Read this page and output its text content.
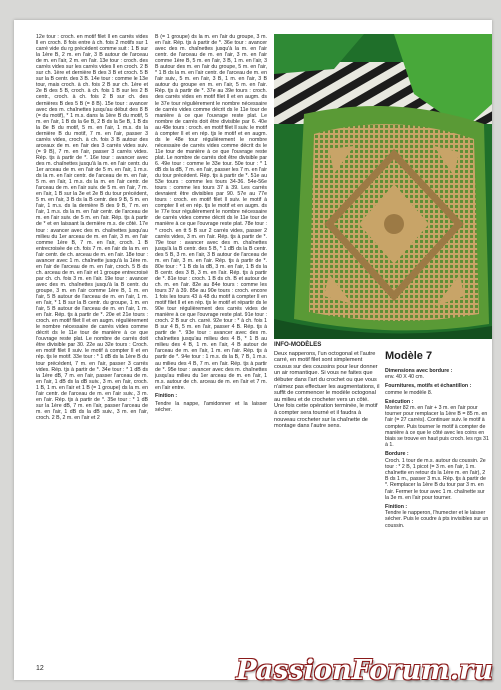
12e tour : croch. en motif filet ll en carrés vides ll en croch. 8 fois entre à ch. fois 2 motifs sur 1 carré vide du rg précédent comme suit : 1 B sur la 1ère B, 2 m. en l'air, 3 B autour de l'arceau de m. en l'air, 2 m. en l'air. 13e tour : croch. des carrés vides sur les carrés vides ll en croch. 2 B sur ch. 1ère et dernière B des 3 B et croch. 5 B sur la B centr. des 3 B. 14e tour : comme le 13e tour, mais croch. à ch. fois 2 B sur ch. 1ère et 2e B des 5 B, croch. à ch. fois 1 B sur les 2 B centr., croch. à ch. fois 2 B sur ch. des dernières B des 5 B (= 8 B). 15e tour : avancer avec des m. chaînettes jusqu'au début des 8 B (= du motif), * 1 m.s. dans la 1ère B du motif, 5 m. en l'air, 1 B ds la 6e B, 2 B ds la 5e B, 1 B ds la 8e B du motif, 5 m. en l'air, 1 m.s. ds la dernière B du motif, 7 m. en l'air, passer 3 carrés vides, croch. à ch. fois 3 B autour des arceaux de m. en l'air des 3 carrés vides suiv. (= 9 B), 7 m. en l'air, passer 3 carrés vides. Rép. tjs à partir de *. 16e tour : avancer avec des m. chaînettes jusqu'à la m. en l'air centr. du 1er arceau de m. en l'air de 5 m. en l'air, 1 m.s. ds la m. en l'air centr. de l'arceau de m. en l'air, 5 m. en l'air, 1 m.s. ds la m. en l'air centr. de l'arceau de m. en l'air suiv. de 5 m. en l'air, 7 m. en l'air, 1 B sur la 3e et 2e B du tour précédent, 5 m. en l'air, 3 B ds la B centr. des 9 B, 5 m. en l'air, 1 m.s. ds la dernière B des 9 B, 7 m. en l'air, 1 m.s. ds la m. en l'air centr. de l'arceau de m. en l'air suiv. de 5 m. en l'air. Rép. tjs à partir de * et en laissant la dernière m.s. de côté. 17e tour : avancer avec des m. chaînettes jusqu'au milieu du 1er arceau de m. en l'air, 3 m. en l'air comme 1ère B, 7 m. en l'air, croch. 1 B entrecroisée de ch. fois 7 m. en l'air ds la m. en l'air centr. de ch. arceau de m. en l'air. 18e tour : avancer avec 1 m. chaînette jusqu'à la 1ère m. en l'air de l'arceau de m. en l'air, croch. 5 B ds ch. arceau de m. en l'air et 1 groupe entrecroisé par ch. ch. fois 3 m. en l'air. 19e tour : avancer avec des m. chaînettes jusqu'à la B centr. du groupe, 3 m. en l'air comme 1ère B, 1 m. en l'air, 5 B autour de l'arceau de m. en l'air, 1 m. en l'air, * 1 B sur la B centr. du groupe, 1 m. en l'air, 5 B autour de l'arceau de m. en l'air, 1 m. en l'air. Rép. tjs à partir de *. 20e et 21e tours : croch. en motif filet ll et en augm. régulièrement le nombre nécessaire de carrés vides comme décrit ds le 11e tour de manière à ce que l'ouvrage reste plat. Le nombre de carrés doit être divisible par 30. 22e au 32e tours : Croch. en motif filet ll suiv. le motif à compter ll et en rép. tjs le motif. 33e tour : * 1 dB ds la 1ère B du tour précédent, 7 m. en l'air, passer 3 carrés vides. Rép. tjs à partir de *. 34e tour : * 1 dB ds la 1ère dB, 7 m. en l'air, passer l'arceau de m. en l'air, 1 dB ds la dB suiv., 3 m. en l'air, croch. 1 B, 1 m. en l'air et 1 B (= 1 groupe) ds la m. en l'air centr. de l'arceau de m. en l'air suiv., 3 m. en l'air. Rép. tjs à partir de *. 35e tour : * 1 dB sur la 1ère dB, 7 m. en l'air, passer l'arceau de m. en l'air, 1 dB ds la dB suiv., 3 m. en l'air, croch. 2 B, 2 m. en l'air et 2

B (= 1 groupe) ds la m. en l'air du groupe, 3 m. en l'air. Rép. tjs à partir de *. 36e tour : avancer avec des m. chaînettes jusqu'à la m. en l'air centr. de l'arceau de m. en l'air, 3 m. en l'air comme 1ère B, 5 m. en l'air, 3 B, 1 m. en l'air, 3 B autour des m. en l'air du groupe, 5 m. en l'air, * 1 B ds la m. en l'air centr. de l'arceau de m. en l'air suiv., 5 m. en l'air, 3 B, 1 m. en l'air, 3 B autour du groupe en m. en l'air, 5 m. en l'air. Rép. tjs à partir de *. 37e au 39e tours : croch. des carrés vides en motif filet ll et en augm. ds le 37e tour régulièrement le nombre nécessaire de carrés vides comme décrit ds le 11e tour de manière à ce que l'ouvrage reste plat. Le nombre de carrés doit être divisible par 6. 40e au 48e tours : croch. en motif filet ll suiv. le motif à compter ll et en rép. tjs le motif et en augm. ds le 48e tour régulièrement le nombre nécessaire de carrés vides comme décrit ds le 11e tour de manière à ce que l'ouvrage reste plat. Le nombre de carrés doit être divisible par 6. 49e tour : comme le 33e tour. 50e tour : * 1 dB ds la dB, 7 m. en l'air, passer les 7 m. en l'air du tour précédent. Rép. tjs à partir de *. 51e au 53e tours : comme les tours 34-36. 54e-56e tours : comme les tours 37 à 39. Les carrés devraient être divisibles par 90. 57e au 77e tours : croch. en motif filet ll suiv. le motif à compter ll et en rép. tjs le motif et en augm. ds le 77e tour régulièrement le nombre nécessaire de carrés vides comme décrit ds le 11e tour de manière à ce que l'ouvrage reste plat. 78e tour : * croch. en tt 5 B sur 2 carrés vides, passer 2 carrés vides, 3 m. en l'air. Rép. tjs à partir de *. 79e tour : avancer avec des m. chaînettes jusqu'à la B centr. des 5 B, * 1 dB ds la B centr. des 5 B, 3 m. en l'air, 3 B autour de l'arceau de m. en l'air, 3 m. en l'air. Rép. tjs à partir de *. 80e tour : * 1 B ds la dB, 3 m. en l'air, 1 B ds la B centr. des 3 B, 3 m. en l'air. Rép. tjs à partir de *. 81e tour : croch. 1 B ds ch. B et autour de ch. m. en l'air. 82e au 84e tours : comme les tours 37 à 39. 85e au 90e tours : croch. encore 1 fois les tours 43 à 48 du motif à compter ll en motif filet ll et en rép. tjs le motif et répartir ds le 90e tour régulièrement des carrés vides de manière à ce que l'ouvrage reste plat. 91e tour : croch. 2 B sur ch. carré. 92e tour : * à ch. fois 1 B sur 4 B, 5 m. en l'air, passer 4 B. Rép. tjs à partir de *. 93e tour : avancer avec des m. chaînettes jusqu'au milieu des 4 B, * 1 B au milieu des 4 B, 1 m. en l'air, 4 B autour de l'arceau de m. en l'air, 1 m. en l'air. Rép. tjs à partir de *. 94e tour : 1 m.s. ds la B, 7 B, 1 m.s. au milieu des 4 B, 7 m. en l'air. Rép. tjs à partir de *. 95e tour : avancer avec des m. chaînettes jusqu'au milieu du 1er arceau de m. en l'air, 1 m.s. autour de ch. arceau de m. en l'air et 7 m. en l'air entre.

Finition :

Tendre la nappe, l'amidonner et la laisser sécher.

INFO-MODÈLES
Deux napperons, l'un octogonal et l'autre carré, en motif filet sont simplement cousus sur des coussins pour leur donner un air romantique. Si vous ne faites que débuter dans l'art du crochet ou que vous n'aimez pas effectuer les augmentations, il suffit de commencer le modèle octogonal au milieu et de crocheter vers un côté. Une fois cette opération terminée, le motif à compter sera tourné et il faudra à nouveau crocheter sur la chaînette de montage dans l'autre sens.
Modèle 7

Dimensions avec bordure :
env. 40 X 40 cm.

Fournitures, motifs et échantillon :
comme le modèle 8.

Exécution :
Monter 82 m. en l'air + 3 m. en l'air pour tourner pour remplacer la 1ère B = 85 m. en l'air (= 27 carrés). Continuer suiv. le motif à compter. Puis tourner le motif à compter de manière à ce que le côté avec les coins en biais se trouve en haut puis croch. les rgs 31 à 1.

Bordure :
Croch. 1 tour de m.s. autour du coussin. 2e tour : * 2 B, 1 picot (= 3 m. en l'air, 1 m. chaînette en retour ds la 1ère m. en l'air), 2 B ds 1 m., passer 3 m.s. Rép. tjs à partir de *. Remplacer la 1ère B du tour par 3 m. en l'air. Fermer le tour avec 1 m. chaînette sur la 3e m. en l'air pour tourner.

Finition :
Tendre le napperon, l'humecter et le laisser sécher. Puis le coudre à pts invisibles sur un coussin.

12	PassionForum.ru
